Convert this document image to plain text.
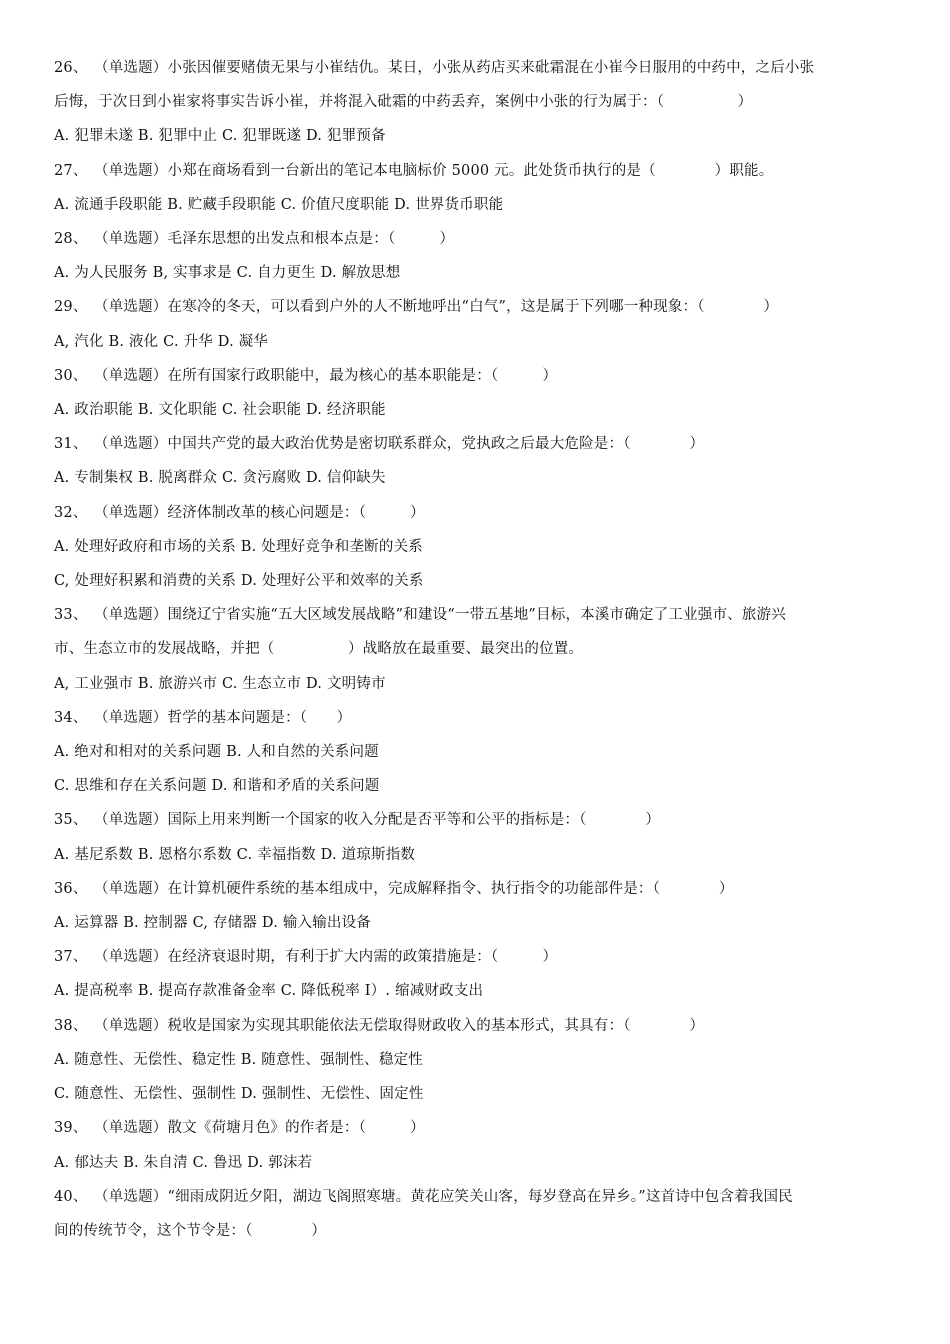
26、 （单选题）小张因催要赌债无果与小崔结仇。某日，小张从药店买来砒霜混在小崔今日服用的中药中，之后小张
后悔，于次日到小崔家将事实告诉小崔，并将混入砒霜的中药丢弃，案例中小张的行为属于：（　　　　　）
A. 犯罪未遂 B. 犯罪中止 C. 犯罪既遂 D. 犯罪预备
27、 （单选题）小郑在商场看到一台新出的笔记本电脑标价 5000 元。此处货币执行的是（　　　　）职能。
A. 流通手段职能 B. 贮藏手段职能 C. 价值尺度职能 D. 世界货币职能
28、 （单选题）毛泽东思想的出发点和根本点是：（　　　）
A. 为人民服务 B, 实事求是 C. 自力更生 D. 解放思想
29、 （单选题）在寒冷的冬天，可以看到户外的人不断地呼出“白气”，这是属于下列哪一种现象：（　　　　）
A, 汽化 B. 液化 C. 升华 D. 凝华
30、 （单选题）在所有国家行政职能中，最为核心的基本职能是：（　　　）
A. 政治职能 B. 文化职能 C. 社会职能 D. 经济职能
31、 （单选题）中国共产党的最大政治优势是密切联系群众，党执政之后最大危险是：（　　　　）
A. 专制集权 B. 脱离群众 C. 贪污腐败 D. 信仰缺失
32、 （单选题）经济体制改革的核心问题是：（　　　）
A. 处理好政府和市场的关系 B. 处理好竞争和垄断的关系
C, 处理好积累和消费的关系 D. 处理好公平和效率的关系
33、 （单选题）围绕辽宁省实施“五大区域发展战略”和建设“一带五基地”目标，本溪市确定了工业强市、旅游兴
市、生态立市的发展战略，并把（　　　　　）战略放在最重要、最突出的位置。
A, 工业强市 B. 旅游兴市 C. 生态立市 D. 文明铸市
34、 （单选题）哲学的基本问题是：（　　）
A. 绝对和相对的关系问题 B. 人和自然的关系问题
C. 思维和存在关系问题 D. 和谐和矛盾的关系问题
35、 （单选题）国际上用来判断一个国家的收入分配是否平等和公平的指标是：（　　　　）
A. 基尼系数 B. 恩格尔系数 C. 幸福指数 D. 道琼斯指数
36、 （单选题）在计算机硬件系统的基本组成中，完成解释指令、执行指令的功能部件是：（　　　　）
A. 运算器 B. 控制器 C, 存储器 D. 输入输出设备
37、 （单选题）在经济衰退时期，有利于扩大内需的政策措施是：（　　　）
A. 提高税率 B. 提高存款准备金率 C. 降低税率 I）. 缩减财政支出
38、 （单选题）税收是国家为实现其职能依法无偿取得财政收入的基本形式，其具有：（　　　　）
A. 随意性、无偿性、稳定性 B. 随意性、强制性、稳定性
C. 随意性、无偿性、强制性 D. 强制性、无偿性、固定性
39、 （单选题）散文《荷塘月色》的作者是：（　　　）
A. 郁达夫 B. 朱自清 C. 鲁迅 D. 郭沫若
40、 （单选题）“细雨成阴近夕阳，湖边飞阁照寒塘。黄花应笑关山客，每岁登高在异乡。”这首诗中包含着我国民
间的传统节令，这个节令是：（　　　　）
